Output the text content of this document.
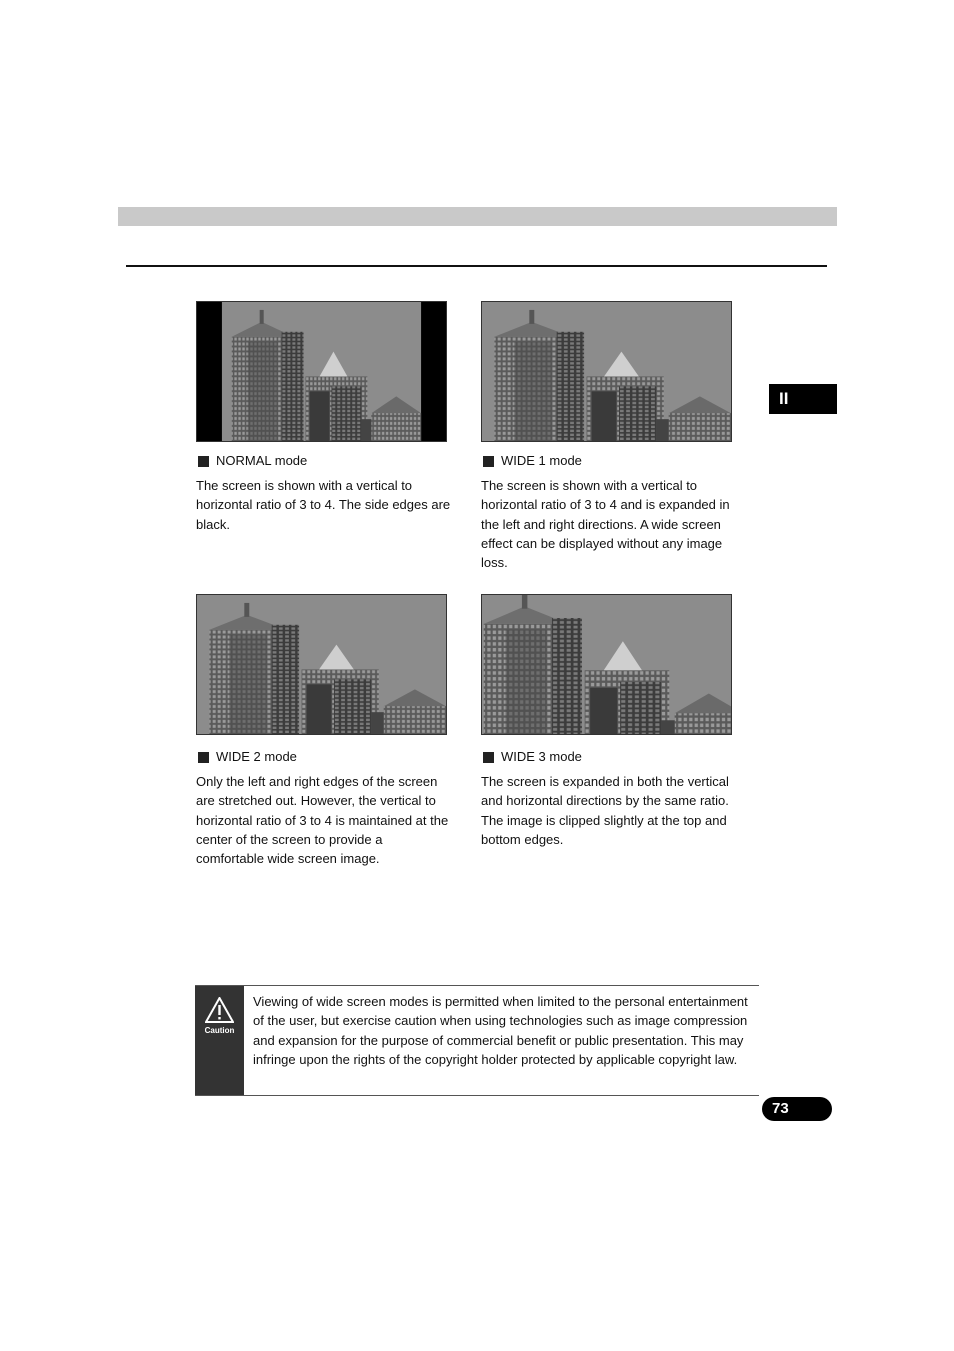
II
NORMAL mode
The screen is shown with a vertical to horizontal ratio of 3 to 4. The side edges are black.
WIDE 1 mode
The screen is shown with a vertical to horizontal ratio of 3 to 4 and is expanded in the left and right directions. A wide screen effect can be displayed without any image loss.
WIDE 2 mode
Only the left and right edges of the screen are stretched out. However, the vertical to horizontal ratio of 3 to 4 is maintained at the center of the screen to provide a comfortable wide screen image.
WIDE 3 mode
The screen is expanded in both the vertical and horizontal directions by the same ratio. The image is clipped slightly at the top and bottom edges.
Caution
Viewing of wide screen modes is permitted when limited to the personal entertainment of the user, but exercise caution when using technologies such as image compression and expansion for the purpose of commercial benefit or public presentation. This may infringe upon the rights of the copyright holder protected by applicable copyright law.
73
